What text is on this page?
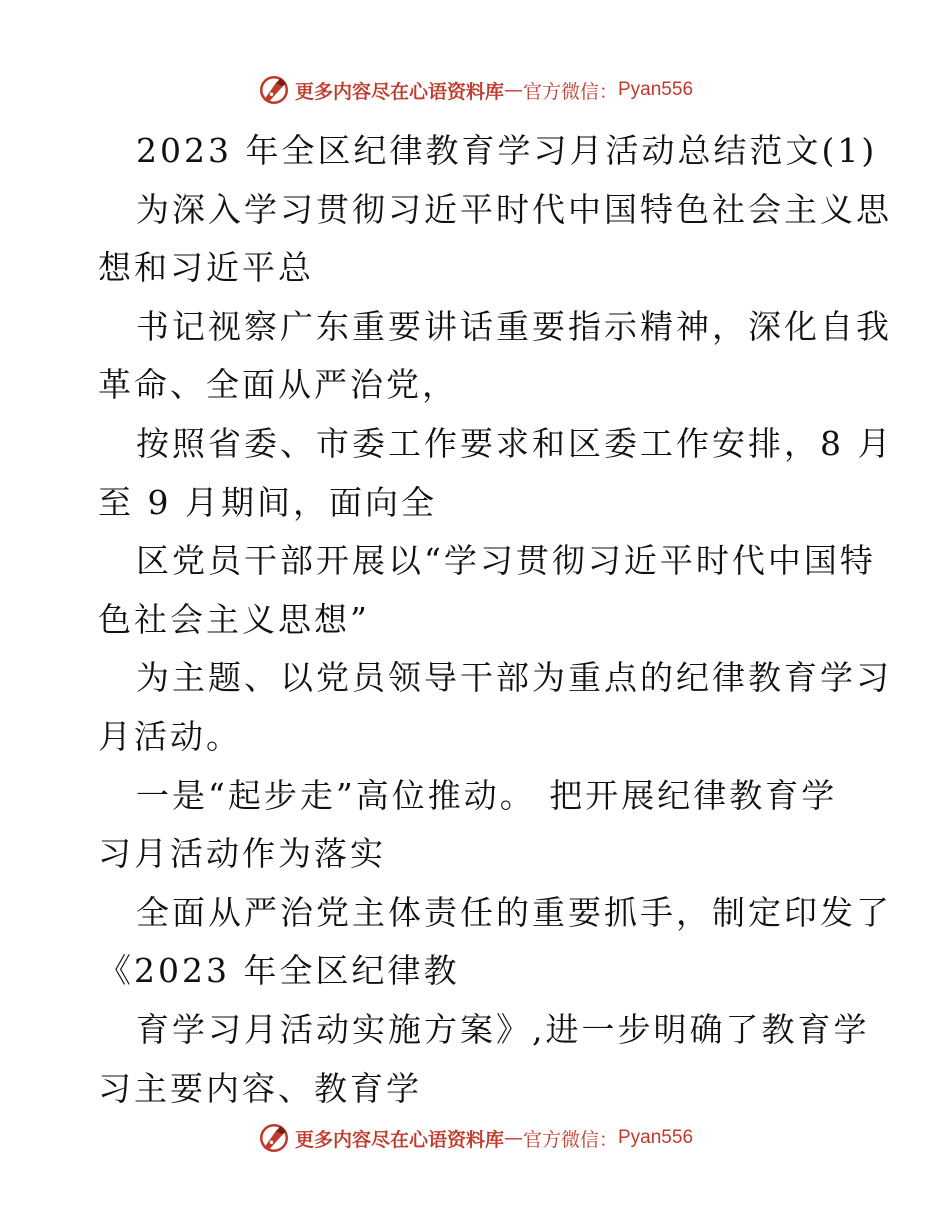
更多内容尽在心语资料库 — 官方微信： Pyan556
2023 年全区纪律教育学习月活动总结范文(1)
为深入学习贯彻习近平时代中国特色社会主义思
想和习近平总
书记视察广东重要讲话重要指示精神，深化自我
革命、全面从严治党，
按照省委、市委工作要求和区委工作安排，8 月
至 9 月期间，面向全
区党员干部开展以“学习贯彻习近平时代中国特
色社会主义思想”
为主题、以党员领导干部为重点的纪律教育学习
月活动。
一是“起步走”高位推动。 把开展纪律教育学
习月活动作为落实
全面从严治党主体责任的重要抓手，制定印发了
《2023 年全区纪律教
育学习月活动实施方案》,进一步明确了教育学
习主要内容、教育学
更多内容尽在心语资料库 — 官方微信： Pyan556
